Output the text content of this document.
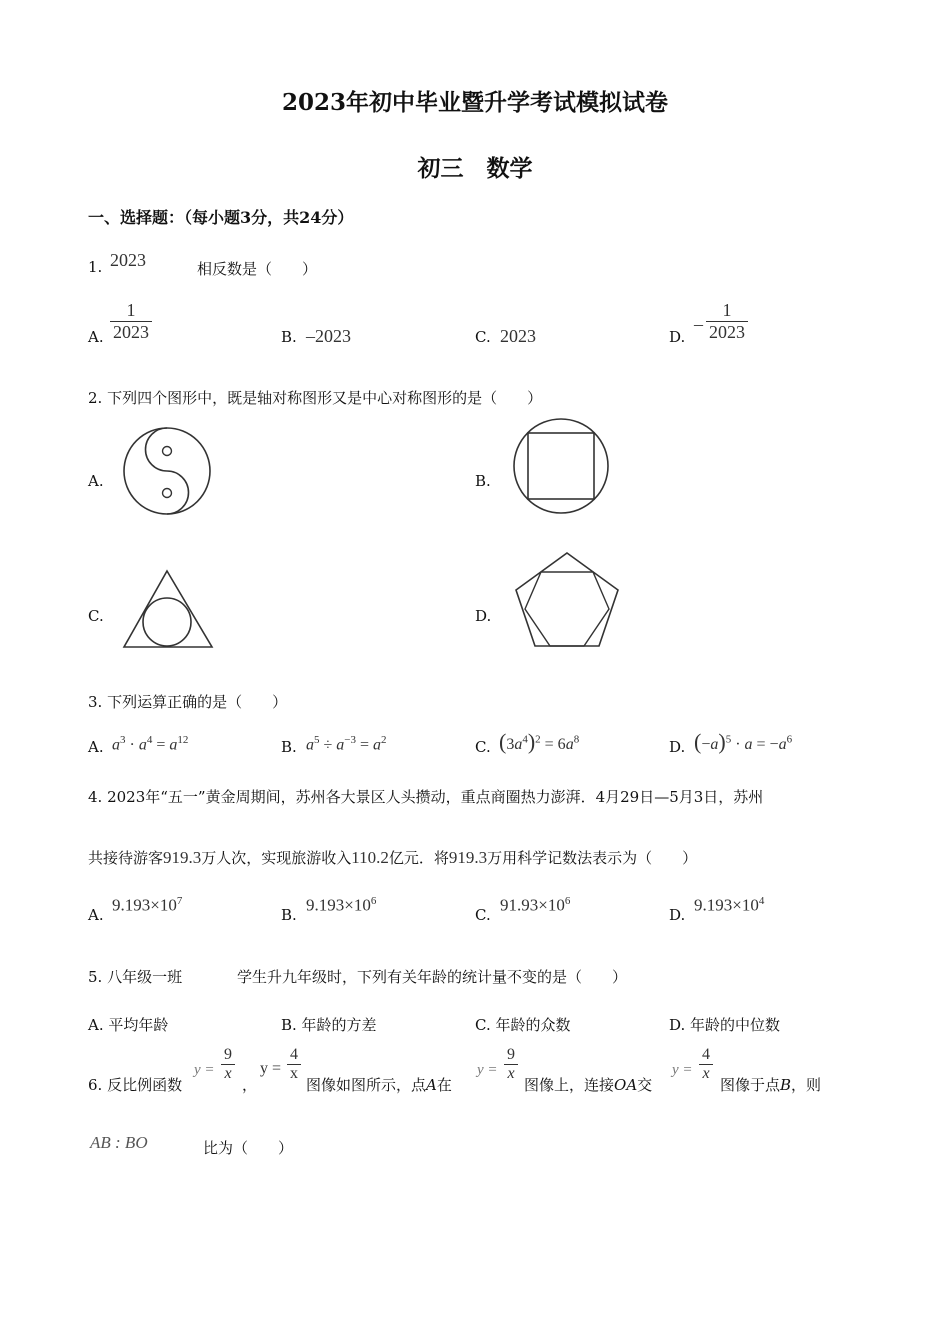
2023年初中毕业暨升学考试模拟试卷
初三　数学
一、选择题：（每小题3分，共24分）
1. 2023	相反数是（　　）
A. $\frac{1}{2023}$	B. –2023	C. 2023	D.
– $\frac{1}{2023}$
2. 下列四个图形中，既是轴对称图形又是中心对称图形的是（　　）
A.	B.
C.	D.
3. 下列运算正确的是（　　）
A. $a^3 \cdot a^4 = a^{12}$	B. $a^5 \div a^{-3} = a^2$	C. $(3a^4)^2 = 6a^8$	D. $(-a)^5 \cdot a = -a^6$
4. 2023年“五一”黄金周期间，苏州各大景区人头攒动，重点商圈热力澎湃．4月29日—5月3日，苏州
共接待游客919.3万人次，实现旅游收入110.2亿元．将919.3万用科学记数法表示为（　　）
A.
$9.193\times 10^7$
B.
$9.193\times 10^6$
C.
$91.93\times 10^6$
D.
$9.193\times 10^4$
5. 八年级一班	学生升九年级时，下列有关年龄的统计量不变的是（　　）
A. 平均年龄	B. 年龄的方差	C. 年龄的众数	D. 年龄的中位数
6. 反比例函数
$y = \frac{9}{x}$
，
$y = \frac{4}{x}$
图像如图所示，点A在
$y = \frac{9}{x}$
图像上，连接OA交
$y = \frac{4}{x}$
图像于点B，则
AB : BO	比为（　　）
